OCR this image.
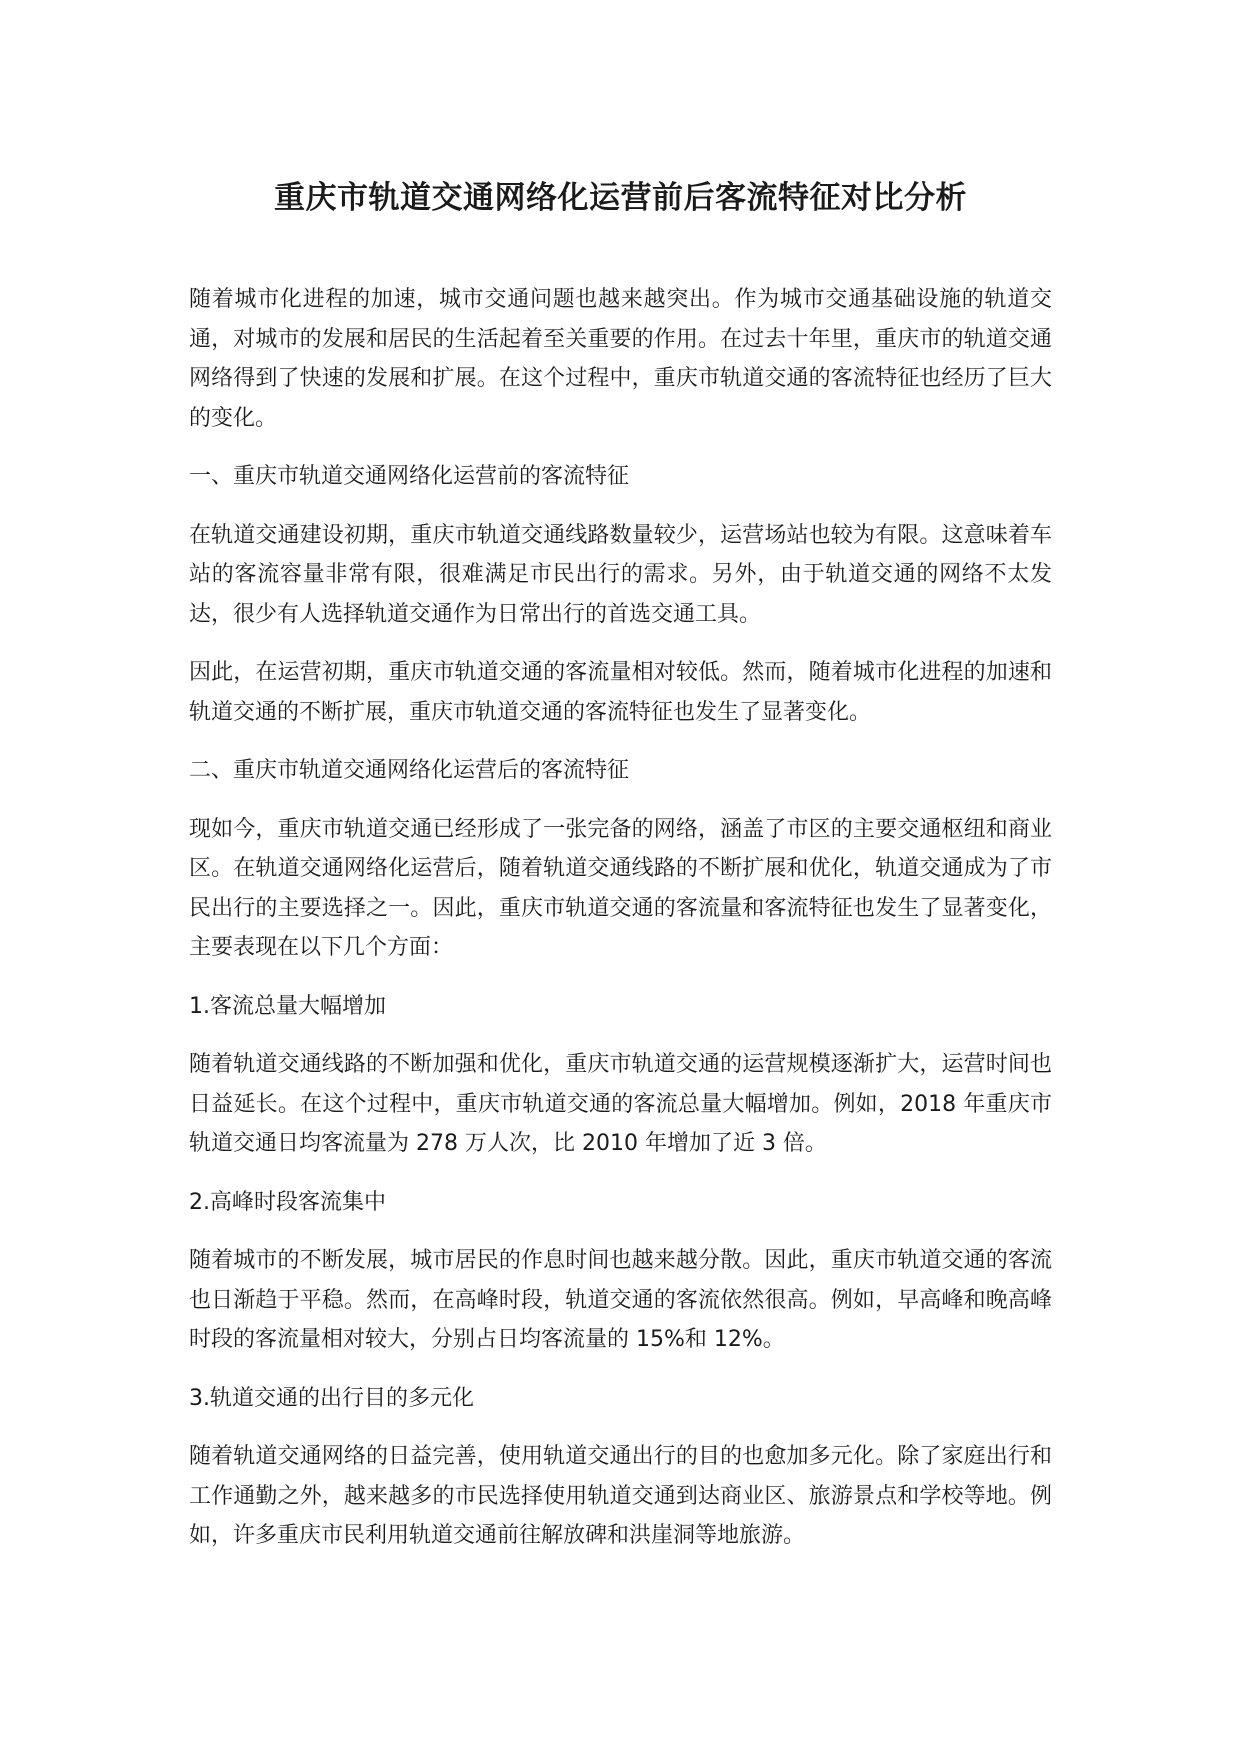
重庆市轨道交通网络化运营前后客流特征对比分析

随着城市化进程的加速，城市交通问题也越来越突出。作为城市交通基础设施的轨道交通，对城市的发展和居民的生活起着至关重要的作用。在过去十年里，重庆市的轨道交通网络得到了快速的发展和扩展。在这个过程中，重庆市轨道交通的客流特征也经历了巨大的变化。

一、重庆市轨道交通网络化运营前的客流特征

在轨道交通建设初期，重庆市轨道交通线路数量较少，运营场站也较为有限。这意味着车站的客流容量非常有限，很难满足市民出行的需求。另外，由于轨道交通的网络不太发达，很少有人选择轨道交通作为日常出行的首选交通工具。

因此，在运营初期，重庆市轨道交通的客流量相对较低。然而，随着城市化进程的加速和轨道交通的不断扩展，重庆市轨道交通的客流特征也发生了显著变化。

二、重庆市轨道交通网络化运营后的客流特征

现如今，重庆市轨道交通已经形成了一张完备的网络，涵盖了市区的主要交通枢纽和商业区。在轨道交通网络化运营后，随着轨道交通线路的不断扩展和优化，轨道交通成为了市民出行的主要选择之一。因此，重庆市轨道交通的客流量和客流特征也发生了显著变化，主要表现在以下几个方面：

1.客流总量大幅增加

随着轨道交通线路的不断加强和优化，重庆市轨道交通的运营规模逐渐扩大，运营时间也日益延长。在这个过程中，重庆市轨道交通的客流总量大幅增加。例如，2018 年重庆市轨道交通日均客流量为 278 万人次，比 2010 年增加了近 3 倍。

2.高峰时段客流集中

随着城市的不断发展，城市居民的作息时间也越来越分散。因此，重庆市轨道交通的客流也日渐趋于平稳。然而，在高峰时段，轨道交通的客流依然很高。例如，早高峰和晚高峰时段的客流量相对较大，分别占日均客流量的 15%和 12%。

3.轨道交通的出行目的多元化

随着轨道交通网络的日益完善，使用轨道交通出行的目的也愈加多元化。除了家庭出行和工作通勤之外，越来越多的市民选择使用轨道交通到达商业区、旅游景点和学校等地。例如，许多重庆市民利用轨道交通前往解放碑和洪崖洞等地旅游。
